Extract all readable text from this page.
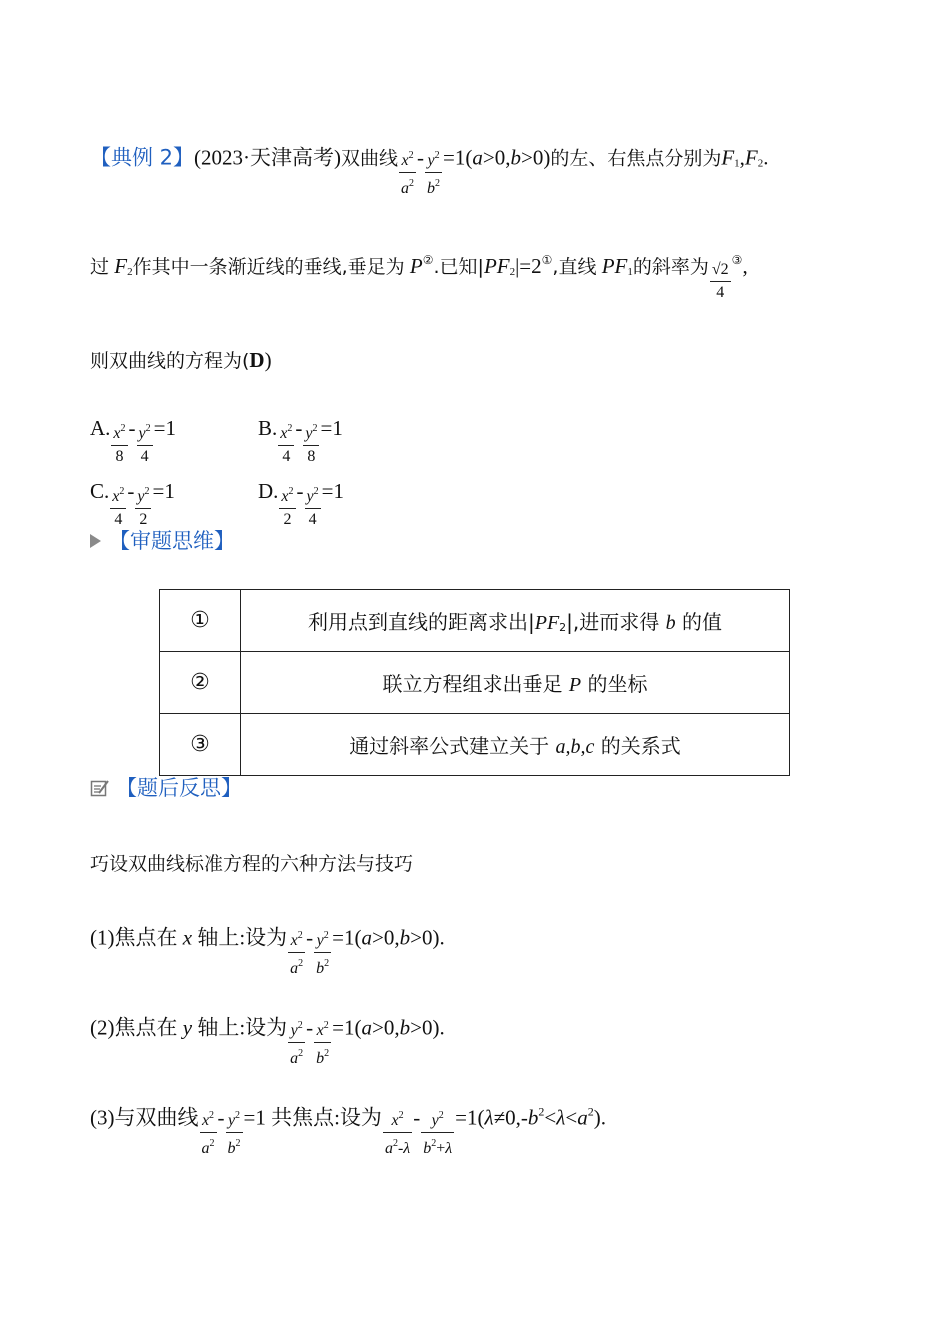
【典例 2】(2023·天津高考)双曲线 $\frac{x^2}{a^2} - \frac{y^2}{b^2} =1(a>0,b>0)$的左、右焦点分别为F1,F2.
过 F2作其中一条渐近线的垂线,垂足为 P②.已知|PF2|=2①,直线 PF1的斜率为 $\frac{√2}{4} ^③$,
则双曲线的方程为(D)
A. $\frac{x^2}{8} - \frac{y^2}{4} =1$	B. $\frac{x^2}{4} - \frac{y^2}{8} =1$
C. $\frac{x^2}{4} - \frac{y^2}{2} =1$	D. $\frac{x^2}{2} - \frac{y^2}{4} =1$
【审题思维】
①	利用点到直线的距离求出|PF2|,进而求得 b 的值
②	联立方程组求出垂足 P 的坐标
③	通过斜率公式建立关于 a,b,c 的关系式
【题后反思】
巧设双曲线标准方程的六种方法与技巧
(1)焦点在 x 轴上:设为 $\frac{x^2}{a^2} - \frac{y^2}{b^2} =1(a>0,b>0)$.
(2)焦点在 y 轴上:设为 $\frac{y^2}{a^2} - \frac{x^2}{b^2} =1(a>0,b>0)$.
(3)与双曲线 $\frac{x^2}{a^2} - \frac{y^2}{b^2} =1$ 共焦点:设为 $\frac{x^2}{a^2-\lambda} - \frac{y^2}{b^2+\lambda} =1(\lambda\ne 0,-b^2<\lambda<a^2)$.
